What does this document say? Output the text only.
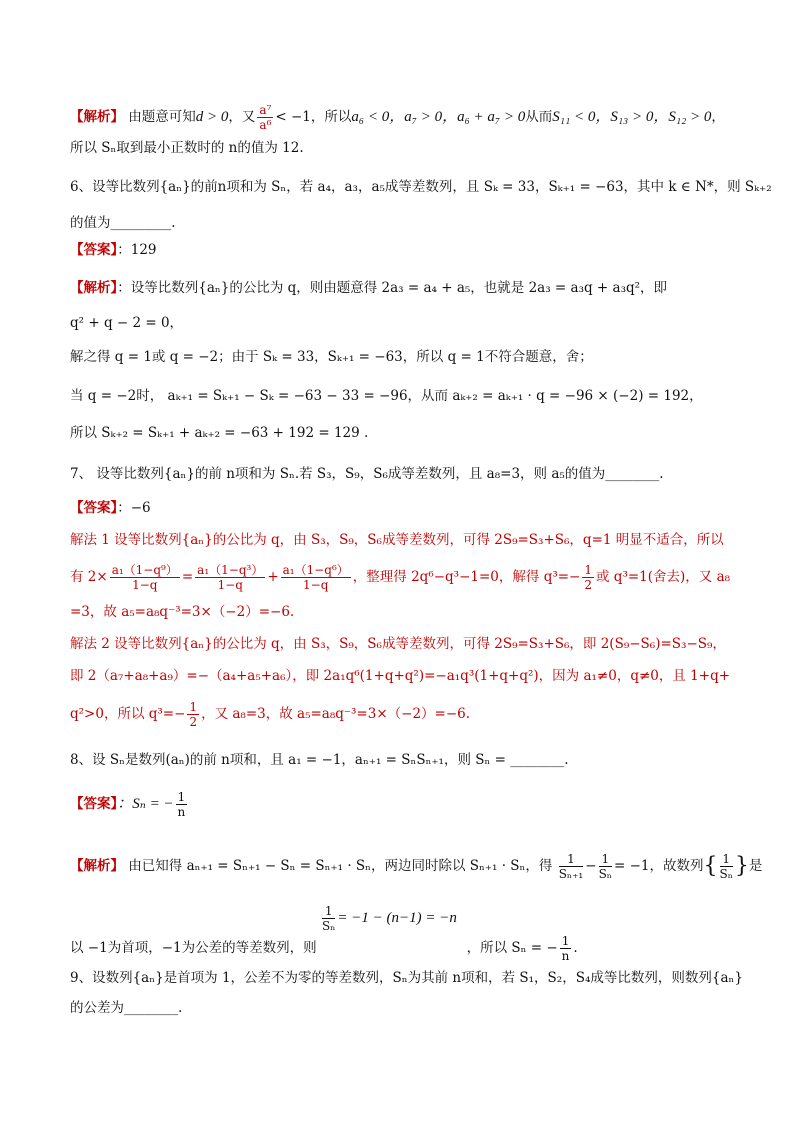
【解析】 由题意可知d > 0，又 $\frac{\text{a⁷}}{\text{a⁶}} < -1$，所以a₆ < 0，a₇ > 0，a₆ + a₇ > 0从而S₁₁ < 0，S₁₃ > 0，S₁₂ > 0，
所以 Sₙ取到最小正数时的 n的值为 12.
6、设等比数列{aₙ}的前n项和为 Sₙ，若 a₄，a₃，a₅成等差数列，且 Sₖ = 33，Sₖ₊₁ = −63，其中 k ∈ N*，则 Sₖ₊₂
的值为_________.
【答案】：129
【解析】：设等比数列{aₙ}的公比为 q，则由题意得 2a₃ = a₄ + a₅，也就是 2a₃ = a₃q + a₃q²，即
q² + q − 2 = 0，
解之得 q = 1或 q = −2；由于 Sₖ = 33，Sₖ₊₁ = −63，所以 q = 1不符合题意，舍；
当 q = −2时， aₖ₊₁ = Sₖ₊₁ − Sₖ = −63 − 33 = −96，从而 aₖ₊₂ = aₖ₊₁ · q = −96 × (−2) = 192，
所以 Sₖ₊₂ = Sₖ₊₁ + aₖ₊₂ = −63 + 192 = 129 .
7、 设等比数列{aₙ}的前 n项和为 Sₙ.若 S₃，S₉，S₆成等差数列，且 a₈=3，则 a₅的值为________.
【答案】：−6
解法 1 设等比数列{aₙ}的公比为 q，由 S₃，S₉，S₆成等差数列，可得 2S₉=S₃+S₆，q=1 明显不适合，所以
有 $2\times \frac{\text{a₁（1−q⁹）}}{1-q} = \frac{\text{a₁（1−q³）}}{1-q} + \frac{\text{a₁（1−q⁶）}}{1-q}$ ，整理得 2q⁶−q³−1=0，解得 $q^3=- \frac{1}{2}$ 或 q³=1(舍去)，又 a₈
=3，故 a₅=a₈q⁻³=3×（−2）=−6.
解法 2 设等比数列{aₙ}的公比为 q，由 S₃，S₉，S₆成等差数列，可得 2S₉=S₃+S₆，即 2(S₉−S₆)=S₃−S₉，
即 2（a₇+a₈+a₉）=−（a₄+a₅+a₆），即 2a₁q⁶(1+q+q²)=−a₁q³(1+q+q²)，因为 a₁≠0，q≠0，且 1+q+
q²>0，所以 $q^3=- \frac{1}{2}$ ，又 a₈=3，故 a₅=a₈q⁻³=3×（−2）=−6.
8、设 Sₙ是数列(aₙ)的前 n项和，且 a₁ = −1，aₙ₊₁ = SₙSₙ₊₁，则 Sₙ = ________.
【答案】：Sₙ = − $\frac{1}{n}$
【解析】 由已知得 aₙ₊₁ = Sₙ₊₁ − Sₙ = Sₙ₊₁ · Sₙ，两边同时除以 Sₙ₊₁ · Sₙ，得 $\frac{1}{\text{Sₙ₊₁}} - \frac{1}{\text{Sₙ}} = -1$，故数列{ $\frac{1}{\text{Sₙ}}$ }是
$\frac{1}{\text{Sₙ}} = -1 - (n-1) = -n$
以 −1为首项，−1为公差的等差数列，则	，所以 Sₙ = − $\frac{1}{n}$ .
9、设数列{aₙ}是首项为 1，公差不为零的等差数列，Sₙ为其前 n项和，若 S₁，S₂，S₄成等比数列，则数列{aₙ}
的公差为________.
